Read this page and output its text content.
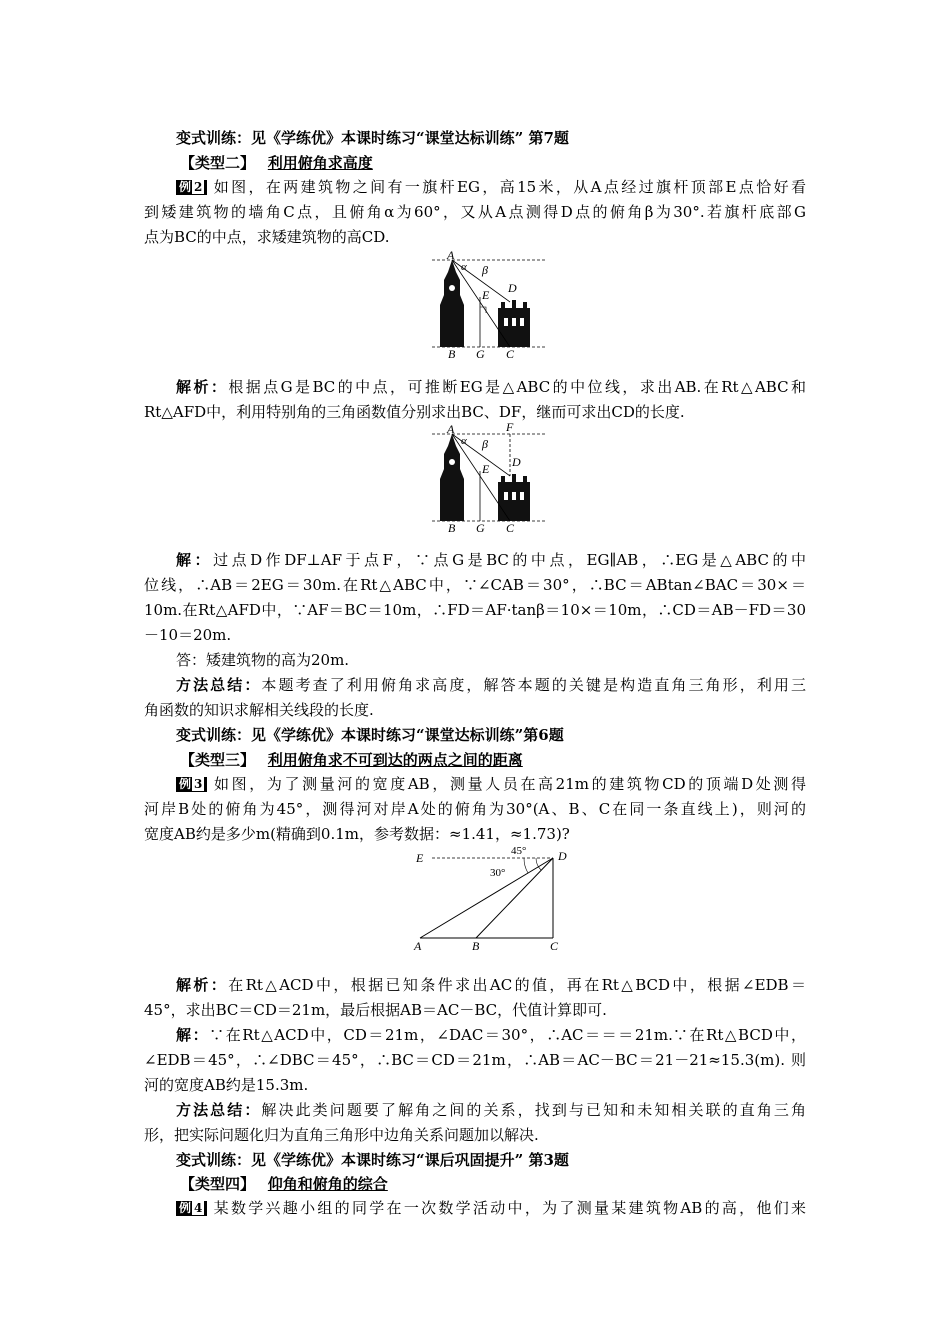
变式训练：见《学练优》本课时练习“课堂达标训练” 第7题
【类型二】 利用俯角求高度
例 2 如图，在两建筑物之间有一旗杆EG，高15米，从A点经过旗杆顶部E点恰好看
到矮建筑物的墙角C点，且俯角α为60°，又从A点测得D点的俯角β为30°.若旗杆底部G
点为BC的中点，求矮建筑物的高CD.
A
α β
E D
B G C
解析：根据点G是BC的中点，可推断EG是△ABC的中位线，求出AB.在Rt△ABC和
Rt△AFD中，利用特别角的三角函数值分别求出BC、DF，继而可求出CD的长度.
A	F
α β
E D
B G C
解：过点D作DF⊥AF于点F，∵点G是BC的中点，EG∥AB，∴EG是△ABC的中
位线，∴AB＝2EG＝30m.在Rt△ABC中，∵∠CAB＝30°，∴BC＝ABtan∠BAC＝30×＝
10m.在Rt△AFD中，∵AF＝BC＝10m，∴FD＝AF·tanβ＝10×＝10m，∴CD＝AB－FD＝30
－10＝20m.
答：矮建筑物的高为20m.
方法总结：本题考查了利用俯角求高度，解答本题的关键是构造直角三角形，利用三
角函数的知识求解相关线段的长度.
变式训练：见《学练优》本课时练习“课堂达标训练”第6题
【类型三】 利用俯角求不可到达的两点之间的距离
例 3 如图，为了测量河的宽度AB，测量人员在高21m的建筑物CD的顶端D处测得
河岸B处的俯角为45°，测得河对岸A处的俯角为30°(A、B、C在同一条直线上)，则河的
宽度AB约是多少m(精确到0.1m，参考数据：≈1.41，≈1.73)?
E	D
45°
30°
A	B	C
解析：在Rt△ACD中，根据已知条件求出AC的值，再在Rt△BCD中，根据∠EDB＝
45°，求出BC＝CD＝21m，最后根据AB＝AC－BC，代值计算即可.
解：∵在Rt△ACD中，CD＝21m，∠DAC＝30°，∴AC＝＝＝21m.∵在Rt△BCD中，
∠EDB＝45°，∴∠DBC＝45°，∴BC＝CD＝21m，∴AB＝AC－BC＝21－21≈15.3(m). 则
河的宽度AB约是15.3m.
方法总结：解决此类问题要了解角之间的关系，找到与已知和未知相关联的直角三角
形，把实际问题化归为直角三角形中边角关系问题加以解决.
变式训练：见《学练优》本课时练习“课后巩固提升” 第3题
【类型四】 仰角和俯角的综合
例 4 某数学兴趣小组的同学在一次数学活动中，为了测量某建筑物AB的高，他们来
